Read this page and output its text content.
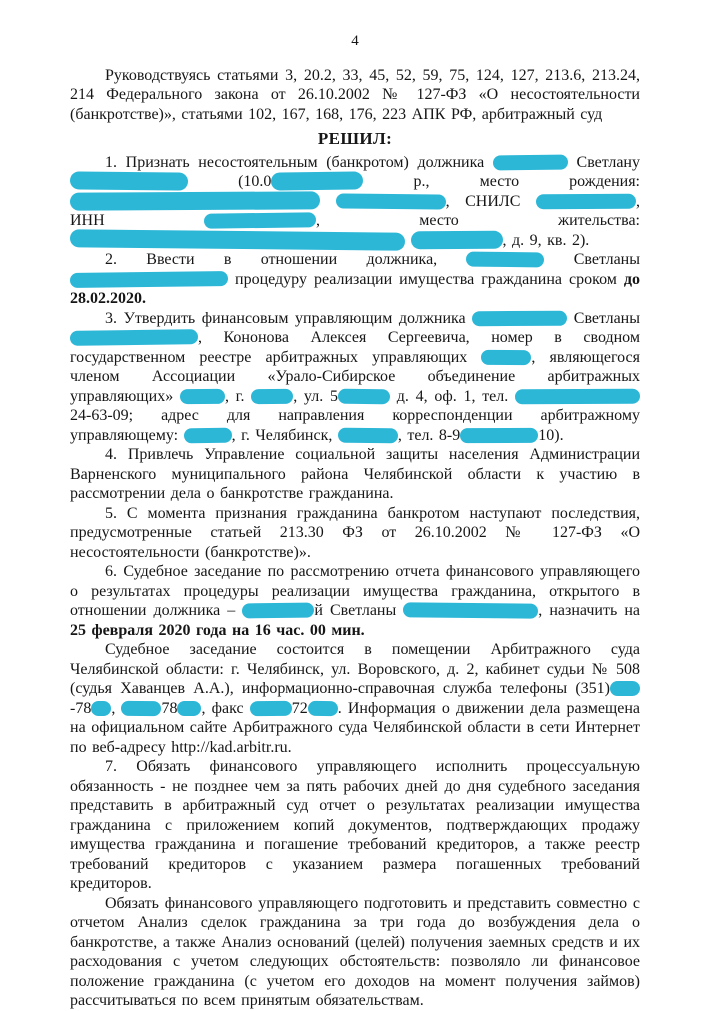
4

Руководствуясь статьями 3, 20.2, 33, 45, 52, 59, 75, 124, 127, 213.6, 213.24, 214 Федерального закона от 26.10.2002 № 127-ФЗ «О несостоятельности (банкротстве)», статьями 102, 167, 168, 176, 223 АПК РФ, арбитражный суд

РЕШИЛ:

1. Признать несостоятельным (банкротом) должника	Светлану  (10.0	р., место рождения:  , СНИЛС	, ИНН	, место жительства:  , д. 9, кв. 2).

2. Ввести в отношении должника,	Светланы  процедуру реализации имущества гражданина сроком до 28.02.2020.

3. Утвердить финансовым управляющим должника	Светланы , Кононова Алексея Сергеевича, номер в сводном государственном реестре арбитражных управляющих	, являющегося членом Ассоциации «Урало-Сибирское объединение арбитражных управляющих»	, г.	, ул. 5	д. 4, оф. 1, тел.  24-63-09; адрес для направления корреспонденции арбитражному управляющему:	, г. Челябинск,	, тел. 8-9	10).

4. Привлечь Управление социальной защиты населения Администрации Варненского муниципального района Челябинской области к участию в рассмотрении дела о банкротстве гражданина.

5. С момента признания гражданина банкротом наступают последствия, предусмотренные статьей 213.30 ФЗ от 26.10.2002 № 127-ФЗ «О несостоятельности (банкротстве)».

6. Судебное заседание по рассмотрению отчета финансового управляющего о результатах процедуры реализации имущества гражданина, открытого в отношении должника –	й Светланы	, назначить на 25 февраля 2020 года на 16 час. 00 мин.

Судебное заседание состоится в помещении Арбитражного суда Челябинской области: г. Челябинск, ул. Воровского, д. 2, кабинет судьи № 508 (судья Хаванцев А.А.), информационно-справочная служба телефоны (351)-78 ,	78 , факс	72 . Информация о движении дела размещена на официальном сайте Арбитражного суда Челябинской области в сети Интернет по веб-адресу http://kad.arbitr.ru.

7. Обязать финансового управляющего исполнить процессуальную обязанность - не позднее чем за пять рабочих дней до дня судебного заседания представить в арбитражный суд отчет о результатах реализации имущества гражданина с приложением копий документов, подтверждающих продажу имущества гражданина и погашение требований кредиторов, а также реестр требований кредиторов с указанием размера погашенных требований кредиторов.

Обязать финансового управляющего подготовить и представить совместно с отчетом Анализ сделок гражданина за три года до возбуждения дела о банкротстве, а также Анализ оснований (целей) получения заемных средств и их расходования с учетом следующих обстоятельств: позволяло ли финансовое положение гражданина (с учетом его доходов на момент получения займов) рассчитываться по всем принятым обязательствам.
